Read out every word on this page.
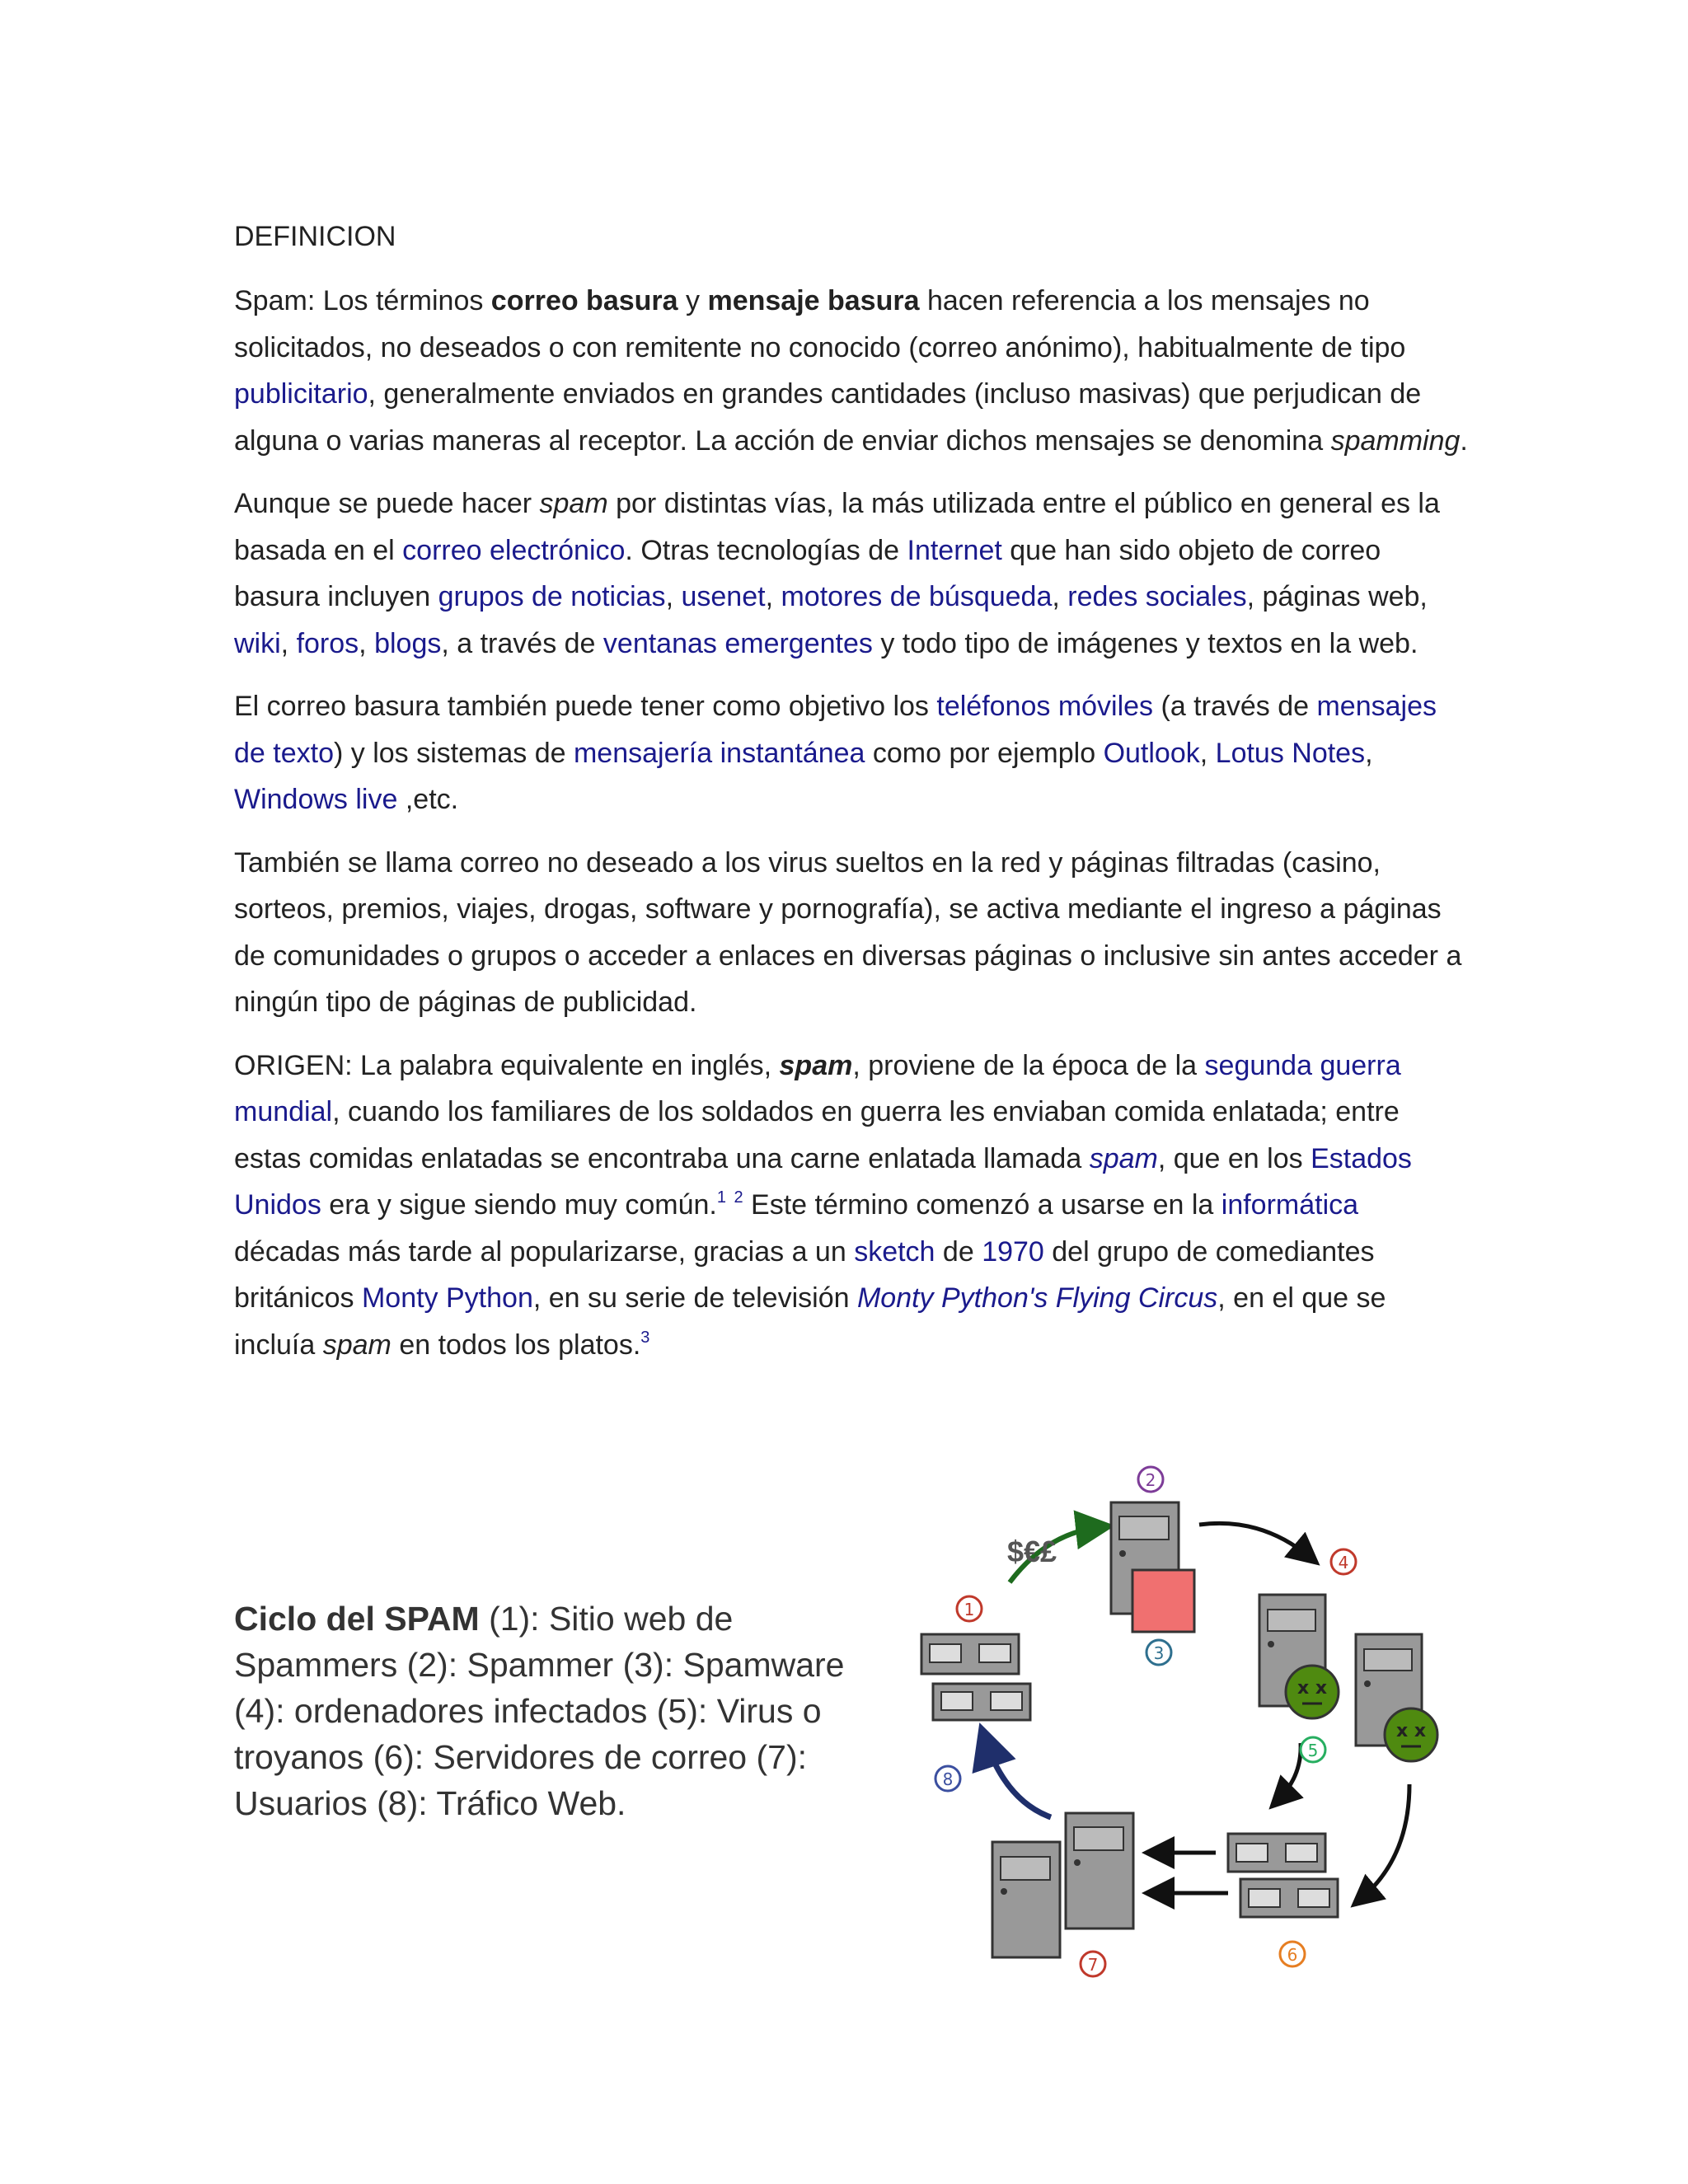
DEFINICION

Spam: Los términos correo basura y mensaje basura hacen referencia a los mensajes no solicitados, no deseados o con remitente no conocido (correo anónimo), habitualmente de tipo publicitario, generalmente enviados en grandes cantidades (incluso masivas) que perjudican de alguna o varias maneras al receptor. La acción de enviar dichos mensajes se denomina spamming.

Aunque se puede hacer spam por distintas vías, la más utilizada entre el público en general es la basada en el correo electrónico. Otras tecnologías de Internet que han sido objeto de correo basura incluyen grupos de noticias, usenet, motores de búsqueda, redes sociales, páginas web, wiki, foros, blogs, a través de ventanas emergentes y todo tipo de imágenes y textos en la web.

El correo basura también puede tener como objetivo los teléfonos móviles (a través de mensajes de texto) y los sistemas de mensajería instantánea como por ejemplo Outlook, Lotus Notes, Windows live ,etc.

También se llama correo no deseado a los virus sueltos en la red y páginas filtradas (casino, sorteos, premios, viajes, drogas, software y pornografía), se activa mediante el ingreso a páginas de comunidades o grupos o acceder a enlaces en diversas páginas o inclusive sin antes acceder a ningún tipo de páginas de publicidad.

ORIGEN: La palabra equivalente en inglés, spam, proviene de la época de la segunda guerra mundial, cuando los familiares de los soldados en guerra les enviaban comida enlatada; entre estas comidas enlatadas se encontraba una carne enlatada llamada spam, que en los Estados Unidos era y sigue siendo muy común.$^1$ $^2$ Este término comenzó a usarse en la informática décadas más tarde al popularizarse, gracias a un sketch de 1970 del grupo de comediantes británicos Monty Python, en su serie de televisión Monty Python's Flying Circus, en el que se incluía spam en todos los platos.$^3$

Ciclo del SPAM (1): Sitio web de Spammers (2): Spammer (3): Spamware (4): ordenadores infectados (5): Virus o troyanos (6): Servidores de correo (7): Usuarios (8): Tráfico Web.
$€£
x x
x x
1
2
3
4
5
6
7
8
